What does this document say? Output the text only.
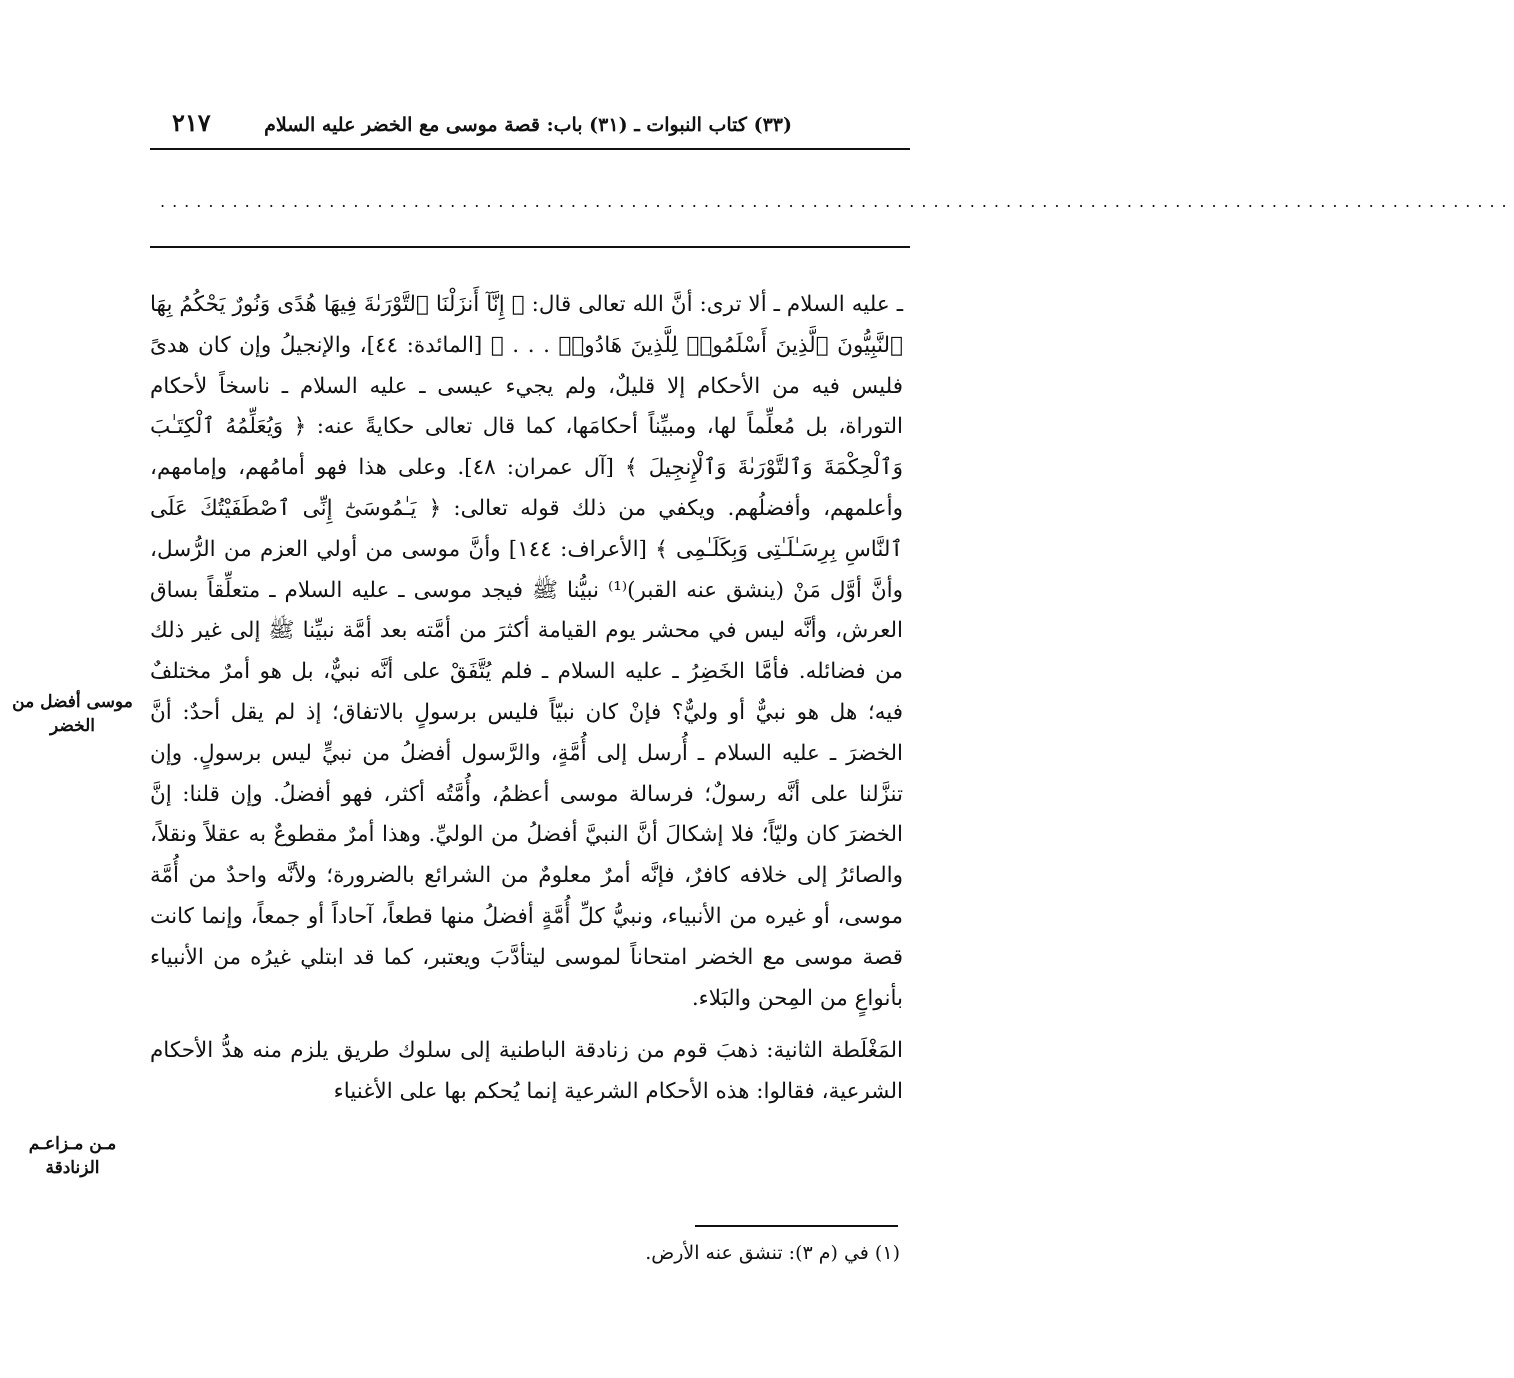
٢١٧	(٣٣) كتاب النبوات ـ (٣١) باب: قصة موسى مع الخضر عليه السلام
................................................................................................................

ـ عليه السلام ـ ألا ترى: أنَّ الله تعالى قال: ﴿ إِنَّآ أَنزَلْنَا ٱلتَّوْرَىٰةَ فِيهَا هُدًى وَنُورٌ يَحْكُمُ بِهَا ٱلنَّبِيُّونَ ٱلَّذِينَ أَسْلَمُوا۟ لِلَّذِينَ هَادُوا۟ . . . ﴾ [المائدة: ٤٤]، والإنجيلُ وإن كان هدىً فليس فيه من الأحكام إلا قليلٌ، ولم يجيء عيسى ـ عليه السلام ـ ناسخاً لأحكام التوراة، بل مُعلِّماً لها، ومبيِّناً أحكامَها، كما قال تعالى حكايةً عنه: ﴿ وَيُعَلِّمُهُ ٱلْكِتَـٰبَ وَٱلْحِكْمَةَ وَٱلتَّوْرَىٰةَ وَٱلْإِنجِيلَ ﴾ [آل عمران: ٤٨]. وعلى هذا فهو أمامُهم، وإمامهم، وأعلمهم، وأفضلُهم. ويكفي من ذلك قوله تعالى: ﴿ يَـٰمُوسَىٰٓ إِنِّى ٱصْطَفَيْتُكَ عَلَى ٱلنَّاسِ بِرِسَـٰلَـٰتِى وَبِكَلَـٰمِى ﴾ [الأعراف: ١٤٤] وأنَّ موسى من أولي العزم من الرُّسل، وأنَّ أوَّل مَنْ (ينشق عنه القبر)⁽¹⁾ نبيُّنا ﷺ فيجد موسى ـ عليه السلام ـ متعلِّقاً بساق العرش، وأنَّه ليس في محشر يوم القيامة أكثرَ من أمَّته بعد أمَّة نبيِّنا ﷺ إلى غير ذلك من فضائله. فأمَّا الخَضِرُ ـ عليه السلام ـ فلم يُتَّفَقْ على أنَّه نبيٌّ، بل هو أمرٌ مختلفٌ فيه؛ هل هو نبيٌّ أو وليٌّ؟ فإنْ كان نبيّاً فليس برسولٍ بالاتفاق؛ إذ لم يقل أحدٌ: أنَّ الخضرَ ـ عليه السلام ـ أُرسل إلى أُمَّةٍ، والرَّسول أفضلُ من نبيٍّ ليس برسولٍ. وإن تنزَّلنا على أنَّه رسولٌ؛ فرسالة موسى أعظمُ، وأُمَّتُه أكثر، فهو أفضلُ. وإن قلنا: إنَّ الخضرَ كان وليّاً؛ فلا إشكالَ أنَّ النبيَّ أفضلُ من الوليِّ. وهذا أمرٌ مقطوعٌ به عقلاً ونقلاً، والصائرُ إلى خلافه كافرٌ، فإنَّه أمرٌ معلومٌ من الشرائع بالضرورة؛ ولأنَّه واحدٌ من أُمَّة موسى، أو غيره من الأنبياء، ونبيُّ كلِّ أُمَّةٍ أفضلُ منها قطعاً، آحاداً أو جمعاً، وإنما كانت قصة موسى مع الخضر امتحاناً لموسى ليتأدَّبَ ويعتبر، كما قد ابتلي غيرُه من الأنبياء بأنواعٍ من المِحن والبَلاء.

المَغْلَطة الثانية: ذهبَ قوم من زنادقة الباطنية إلى سلوك طريق يلزم منه هدُّ الأحكام الشرعية، فقالوا: هذه الأحكام الشرعية إنما يُحكم بها على الأغنياء

موسى أفضل من الخضر
مـن مـزاعـم الزنادقة
(١) في (م ٣): تنشق عنه الأرض.
